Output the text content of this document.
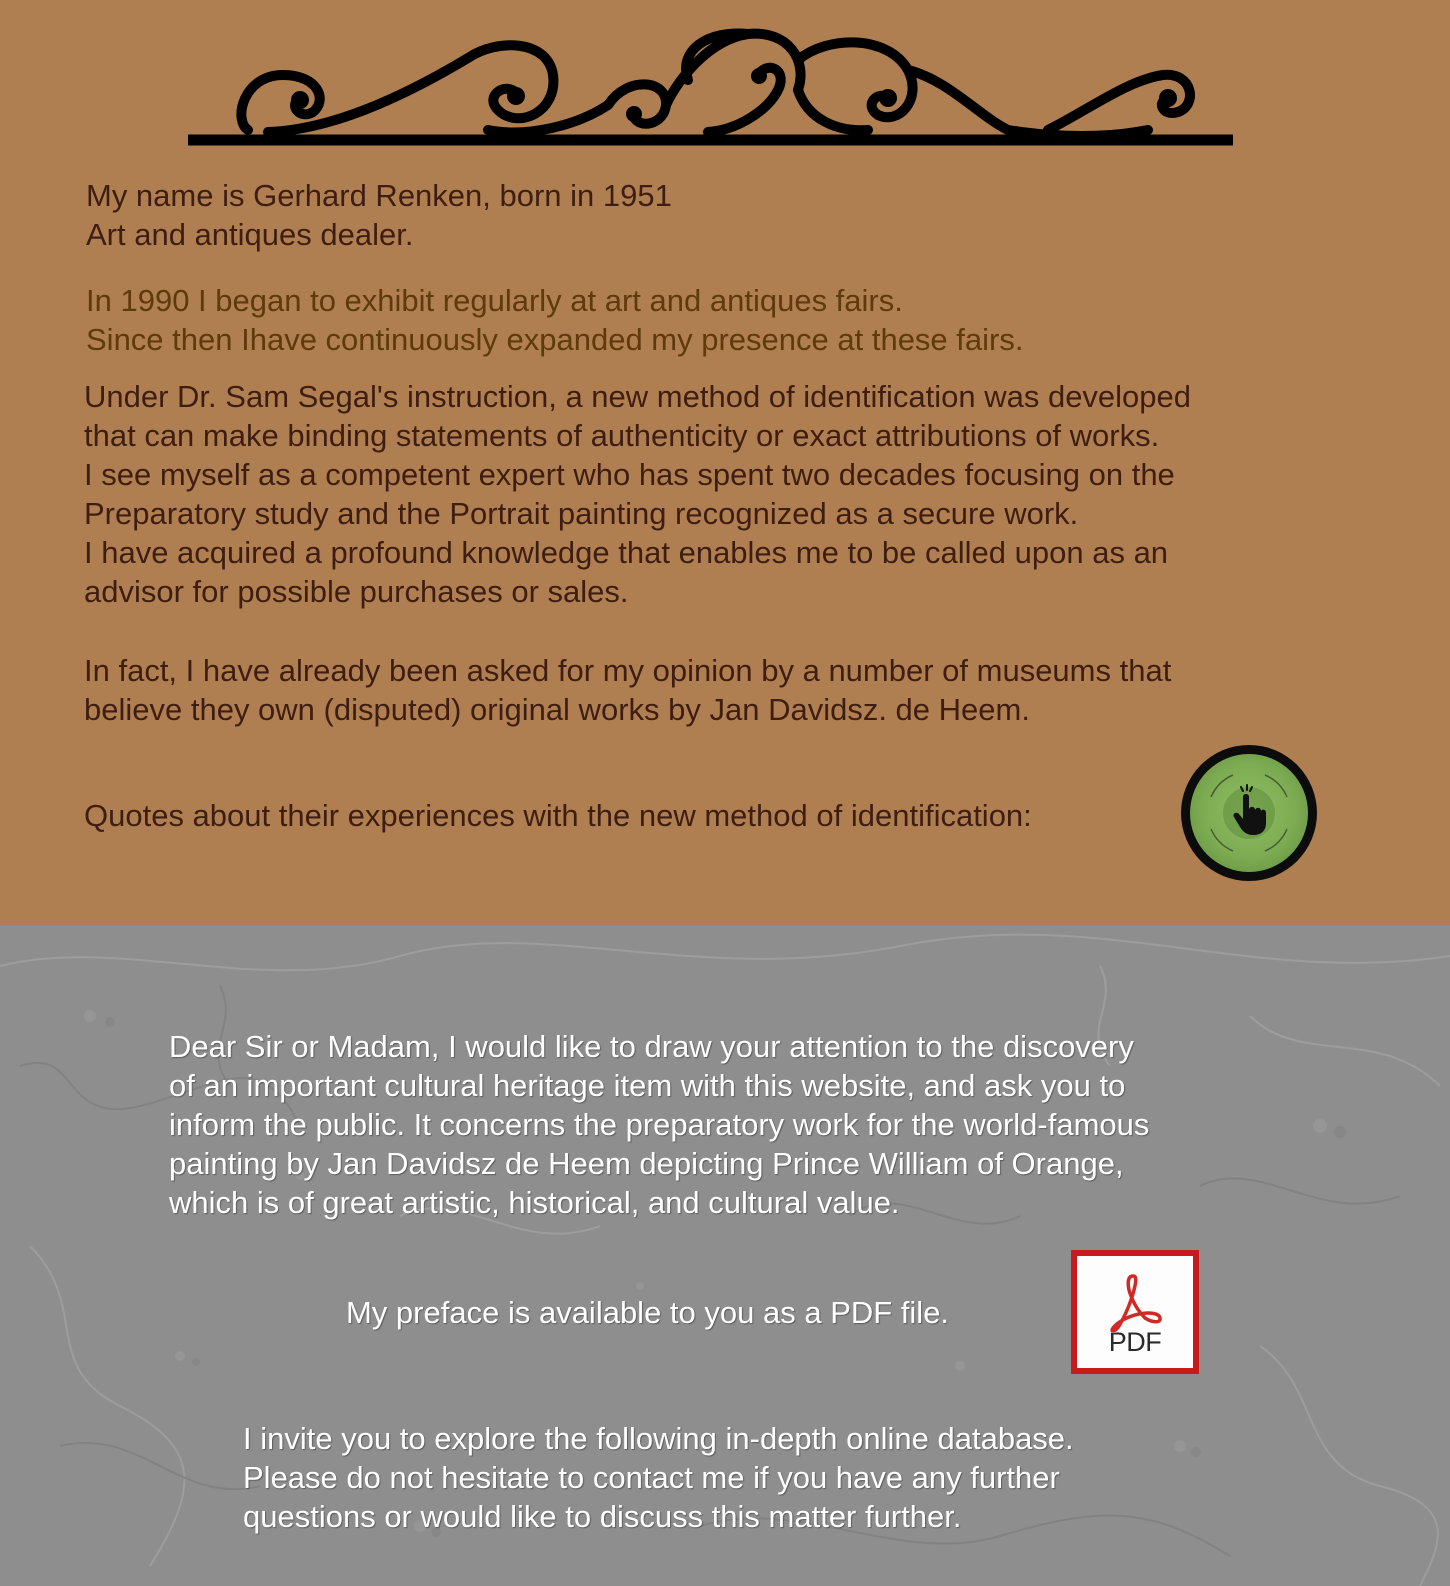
My name is Gerhard Renken, born in 1951
Art and antiques dealer.

In 1990 I began to exhibit regularly at art and antiques fairs.
Since then Ihave continuously expanded my presence at these fairs.

Under Dr. Sam Segal's instruction, a new method of identification was developed
that can make binding statements of authenticity or exact attributions of works.
I see myself as a competent expert who has spent two decades focusing on the
Preparatory study and the Portrait painting recognized as a secure work.
I have acquired a profound knowledge that enables me to be called upon as an
advisor for possible purchases or sales.

In fact, I have already been asked for my opinion by a number of museums that
believe they own (disputed) original works by Jan Davidsz. de Heem.

Quotes about their experiences with the new method of identification:

Dear Sir or Madam, I would like to draw your attention to the discovery
of an important cultural heritage item with this website, and ask you to
inform the public. It concerns the preparatory work for the world-famous
painting by Jan Davidsz de Heem depicting Prince William of Orange,
which is of great artistic, historical, and cultural value.

My preface is available to you as a PDF file.

PDF

I invite you to explore the following in-depth online database.
Please do not hesitate to contact me if you have any further
questions or would like to discuss this matter further.
